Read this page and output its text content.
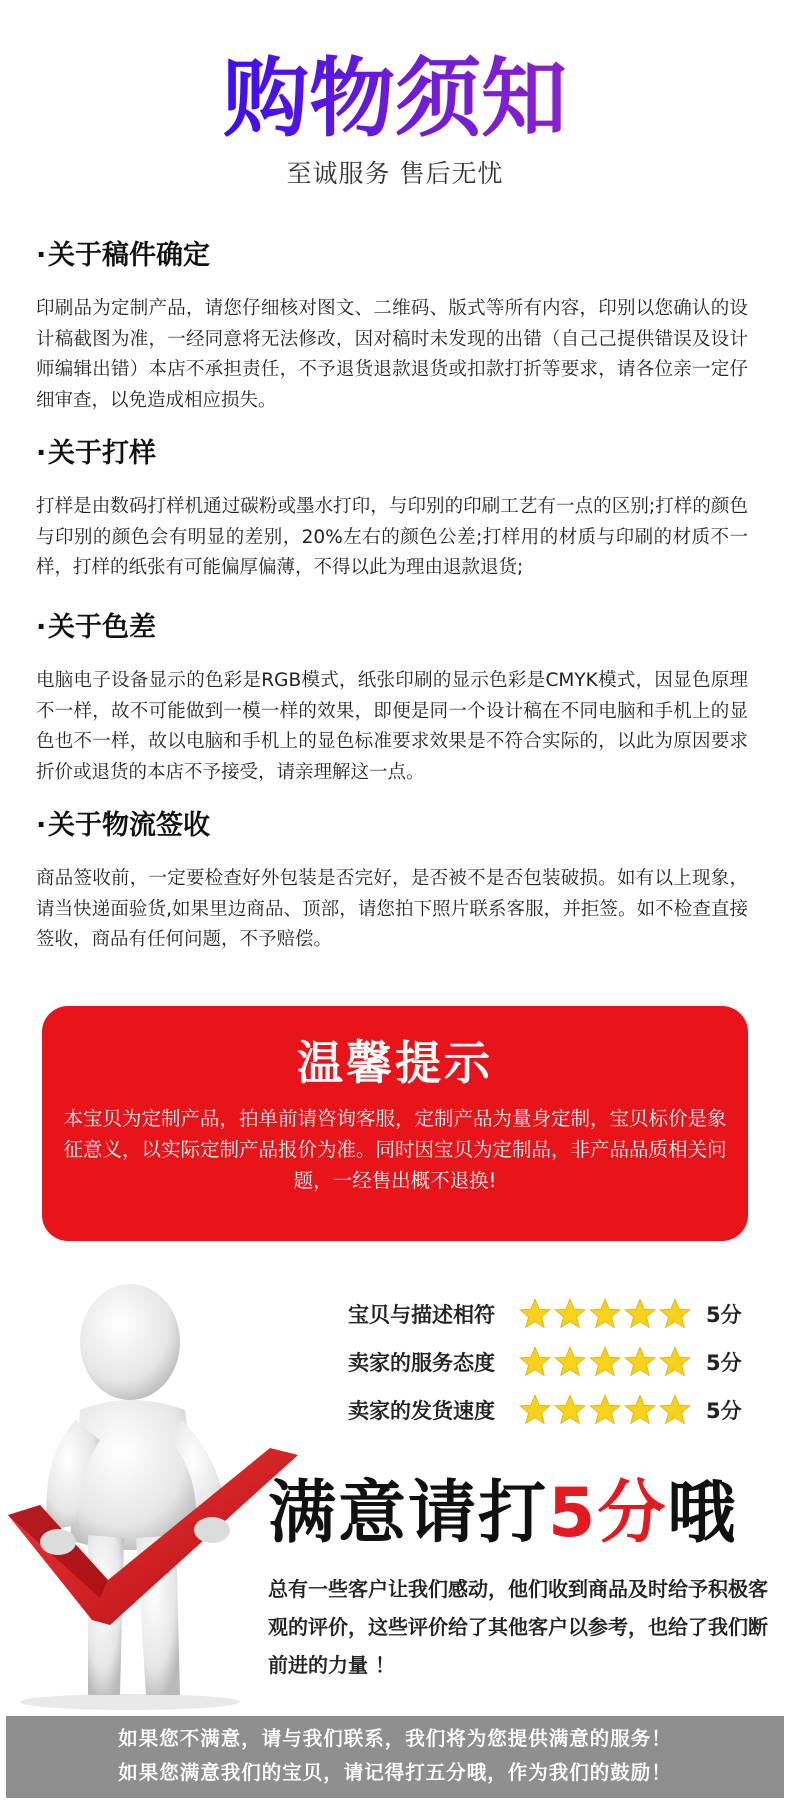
购物须知
至诚服务 售后无忧
·关于稿件确定

印刷品为定制产品，请您仔细核对图文、二维码、版式等所有内容，印别以您确认的设计稿截图为准，一经同意将无法修改，因对稿时未发现的出错（自己己提供错误及设计师编辑出错）本店不承担责任，不予退货退款退货或扣款打折等要求，请各位亲一定仔细审查，以免造成相应损失。

·关于打样

打样是由数码打样机通过碳粉或墨水打印，与印别的印刷工艺有一点的区别;打样的颜色与印别的颜色会有明显的差别，20%左右的颜色公差;打样用的材质与印刷的材质不一样，打样的纸张有可能偏厚偏薄，不得以此为理由退款退货;

·关于色差

电脑电子设备显示的色彩是RGB模式，纸张印刷的显示色彩是CMYK模式，因显色原理不一样，故不可能做到一模一样的效果，即便是同一个设计稿在不同电脑和手机上的显色也不一样，故以电脑和手机上的显色标准要求效果是不符合实际的，以此为原因要求折价或退货的本店不予接受，请亲理解这一点。

·关于物流签收

商品签收前，一定要检查好外包装是否完好，是否被不是否包装破损。如有以上现象，请当快递面验货,如果里边商品、顶部，请您拍下照片联系客服，并拒签。如不检查直接签收，商品有任何问题，不予赔偿。

温馨提示

本宝贝为定制产品，拍单前请咨询客服，定制产品为量身定制，宝贝标价是象征意义，以实际定制产品报价为准。同时因宝贝为定制品，非产品品质相关问题，一经售出概不退换!

宝贝与描述相符	5分
卖家的服务态度	5分
卖家的发货速度	5分
满意请打5分哦
总有一些客户让我们感动，他们收到商品及时给予积极客观的评价，这些评价给了其他客户以参考，也给了我们断前进的力量 ！
如果您不满意，请与我们联系，我们将为您提供满意的服务！
如果您满意我们的宝贝，请记得打五分哦，作为我们的鼓励！
